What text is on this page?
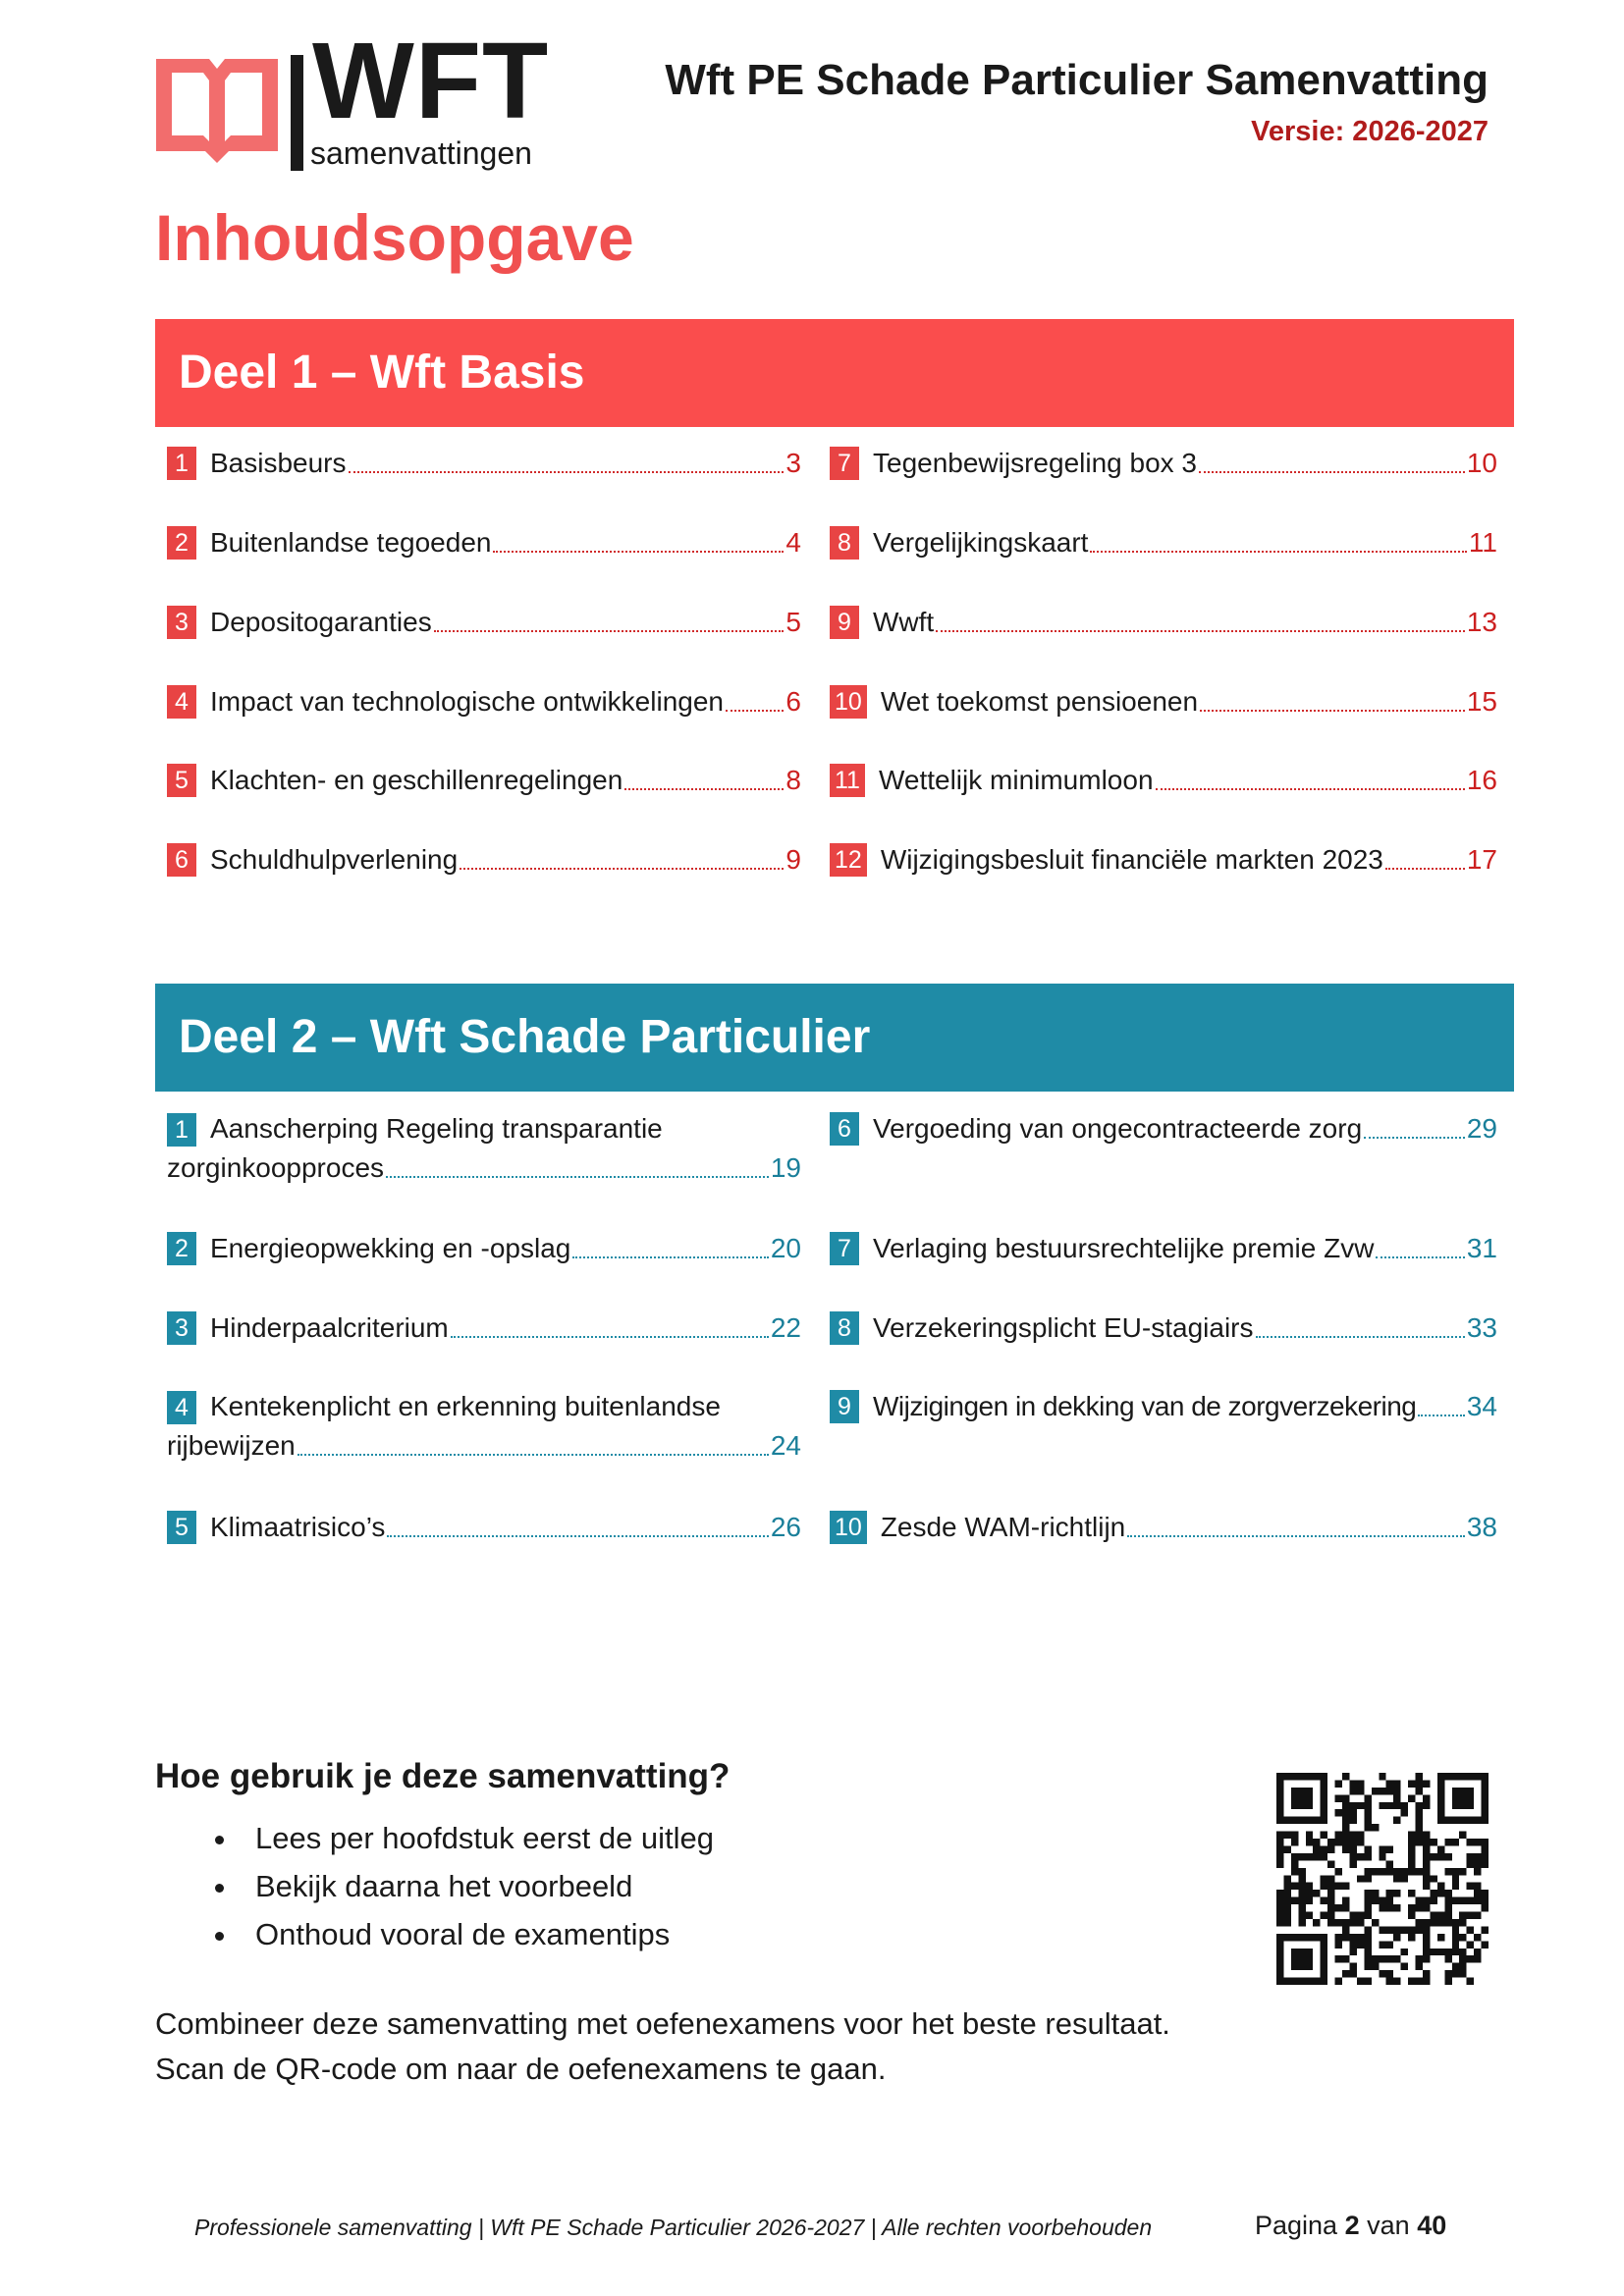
WFT
samenvattingen
Wft PE Schade Particulier Samenvatting
Versie: 2026-2027
Inhoudsopgave
Deel 1 – Wft Basis
1 Basisbeurs	3
2 Buitenlandse tegoeden	4
3 Depositogaranties	5
4 Impact van technologische ontwikkelingen 6
5 Klachten- en geschillenregelingen	8
6 Schuldhulpverlening	9
7 Tegenbewijsregeling box 3	10
8 Vergelijkingskaart	11
9 Wwft	13
10 Wet toekomst pensioenen	15
11 Wettelijk minimumloon	16
12 Wijzigingsbesluit financiële markten 2023	17
Deel 2 – Wft Schade Particulier
1 Aanscherping Regeling transparantie
zorginkoopproces	19
2 Energieopwekking en -opslag	20
3 Hinderpaalcriterium	22
4 Kentekenplicht en erkenning buitenlandse
rijbewijzen	24
5 Klimaatrisico’s	26
6 Vergoeding van ongecontracteerde zorg	29
7 Verlaging bestuursrechtelijke premie Zvw	31
8 Verzekeringsplicht EU-stagiairs	33
9 Wijzigingen in dekking van de zorgverzekering 34
10 Zesde WAM-richtlijn	38
Hoe gebruik je deze samenvatting?
• Lees per hoofdstuk eerst de uitleg
• Bekijk daarna het voorbeeld
• Onthoud vooral de examentips
Combineer deze samenvatting met oefenexamens voor het beste resultaat.
Scan de QR-code om naar de oefenexamens te gaan.
Professionele samenvatting | Wft PE Schade Particulier 2026-2027 | Alle rechten voorbehouden	Pagina 2 van 40
